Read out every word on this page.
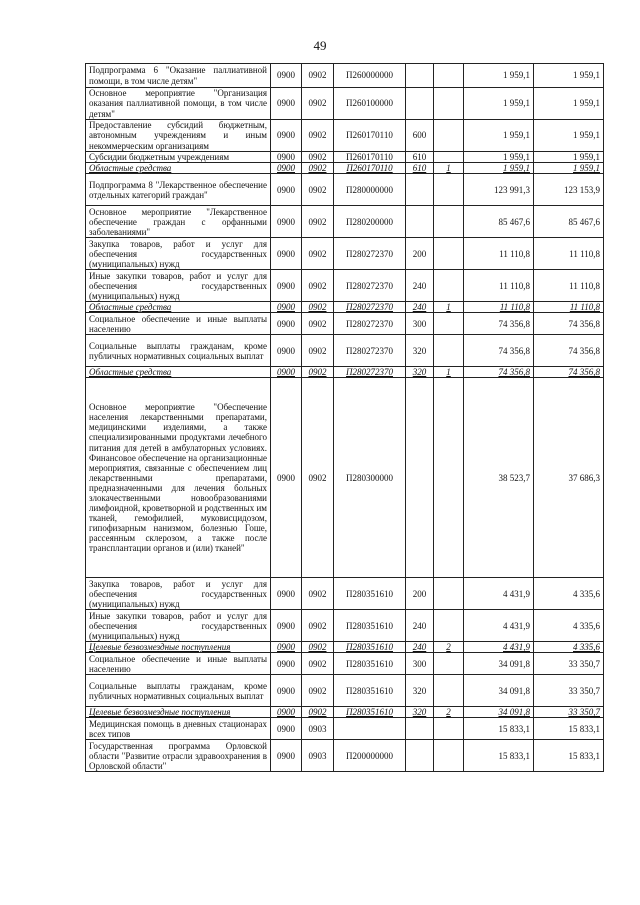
49
Подпрограмма 6 "Оказание паллиативной помощи, в том числе детям"	0900	0902	П260000000			1 959,1	1 959,1
Основное мероприятие "Организация оказания паллиативной помощи, в том числе детям"	0900	0902	П260100000			1 959,1	1 959,1
Предоставление субсидий бюджетным, автономным учреждениям и иным некоммерческим организациям	0900	0902	П260170110	600		1 959,1	1 959,1
Субсидии бюджетным учреждениям	0900	0902	П260170110	610		1 959,1	1 959,1
Областные средства	0900	0902	П260170110	610	1	1 959,1	1 959,1
Подпрограмма 8 "Лекарственное обеспечение отдельных категорий граждан"	0900	0902	П280000000			123 991,3	123 153,9
Основное мероприятие "Лекарственное обеспечение граждан с орфанными заболеваниями"	0900	0902	П280200000			85 467,6	85 467,6
Закупка товаров, работ и услуг для обеспечения государственных (муниципальных) нужд	0900	0902	П280272370	200		11 110,8	11 110,8
Иные закупки товаров, работ и услуг для обеспечения государственных (муниципальных) нужд	0900	0902	П280272370	240		11 110,8	11 110,8
Областные средства	0900	0902	П280272370	240	1	11 110,8	11 110,8
Социальное обеспечение и иные выплаты населению	0900	0902	П280272370	300		74 356,8	74 356,8
Социальные выплаты гражданам, кроме публичных нормативных социальных выплат	0900	0902	П280272370	320		74 356,8	74 356,8
Областные средства	0900	0902	П280272370	320	1	74 356,8	74 356,8
Основное мероприятие "Обеспечение населения лекарственными препаратами, медицинскими изделиями, а также специализированными продуктами лечебного питания для детей в амбулаторных условиях. Финансовое обеспечение на организационные мероприятия, связанные с обеспечением лиц лекарственными препаратами, предназначенными для лечения больных злокачественными новообразованиями лимфоидной, кроветворной и родственных им тканей, гемофилией, муковисцидозом, гипофизарным нанизмом, болезнью Гоше, рассеянным склерозом, а также после трансплантации органов и (или) тканей"	0900	0902	П280300000			38 523,7	37 686,3
Закупка товаров, работ и услуг для обеспечения государственных (муниципальных) нужд	0900	0902	П280351610	200		4 431,9	4 335,6
Иные закупки товаров, работ и услуг для обеспечения государственных (муниципальных) нужд	0900	0902	П280351610	240		4 431,9	4 335,6
Целевые безвозмездные поступления	0900	0902	П280351610	240	2	4 431,9	4 335,6
Социальное обеспечение и иные выплаты населению	0900	0902	П280351610	300		34 091,8	33 350,7
Социальные выплаты гражданам, кроме публичных нормативных социальных выплат	0900	0902	П280351610	320		34 091,8	33 350,7
Целевые безвозмездные поступления	0900	0902	П280351610	320	2	34 091,8	33 350,7
Медицинская помощь в дневных стационарах всех типов	0900	0903				15 833,1	15 833,1
Государственная программа Орловской области "Развитие отрасли здравоохранения в Орловской области"	0900	0903	П200000000			15 833,1	15 833,1
